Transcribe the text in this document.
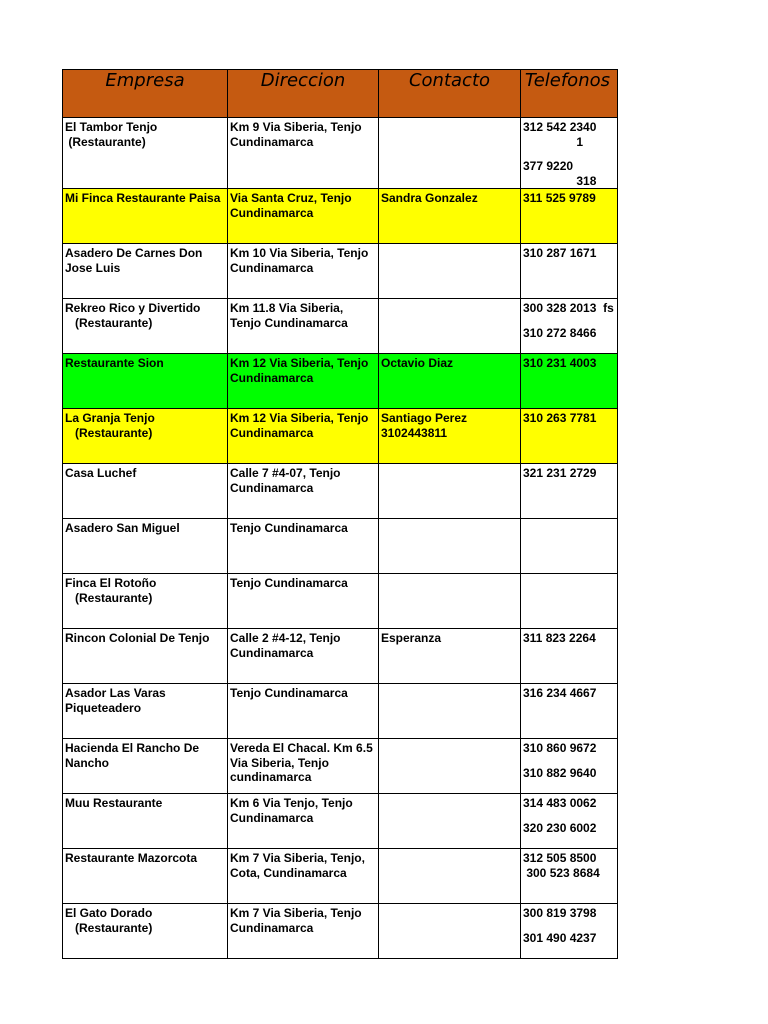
Empresa	Direccion	Contacto	Telefonos

El Tambor Tenjo
(Restaurante)	Km 9 Via Siberia, Tenjo
Cundinamarca		312 542 2340
1
377 9220
318

Mi Finca Restaurante Paisa	Via Santa Cruz, Tenjo
Cundinamarca	Sandra Gonzalez	311 525 9789

Asadero De Carnes Don
Jose Luis	Km 10 Via Siberia, Tenjo
Cundinamarca		310 287 1671

Rekreo Rico y Divertido
(Restaurante)	Km 11.8 Via Siberia,
Tenjo Cundinamarca		300 328 2013  fs
310 272 8466

Restaurante Sion	Km 12 Via Siberia, Tenjo
Cundinamarca	Octavio Diaz	310 231 4003

La Granja Tenjo
(Restaurante)	Km 12 Via Siberia, Tenjo
Cundinamarca	Santiago Perez
3102443811	310 263 7781

Casa Luchef	Calle 7 #4-07, Tenjo
Cundinamarca		321 231 2729

Asadero San Miguel	Tenjo Cundinamarca		

Finca El Rotoño
(Restaurante)	Tenjo Cundinamarca		

Rincon Colonial De Tenjo	Calle 2 #4-12, Tenjo
Cundinamarca	Esperanza	311 823 2264

Asador Las Varas
Piqueteadero	Tenjo Cundinamarca		316 234 4667

Hacienda El Rancho De
Nancho	Vereda El Chacal. Km 6.5
Via Siberia, Tenjo
cundinamarca		310 860 9672
310 882 9640

Muu Restaurante	Km 6 Via Tenjo, Tenjo
Cundinamarca		314 483 0062
320 230 6002

Restaurante Mazorcota	Km 7 Via Siberia, Tenjo,
Cota, Cundinamarca		312 505 8500
300 523 8684

El Gato Dorado
(Restaurante)	Km 7 Via Siberia, Tenjo
Cundinamarca		300 819 3798
301 490 4237
